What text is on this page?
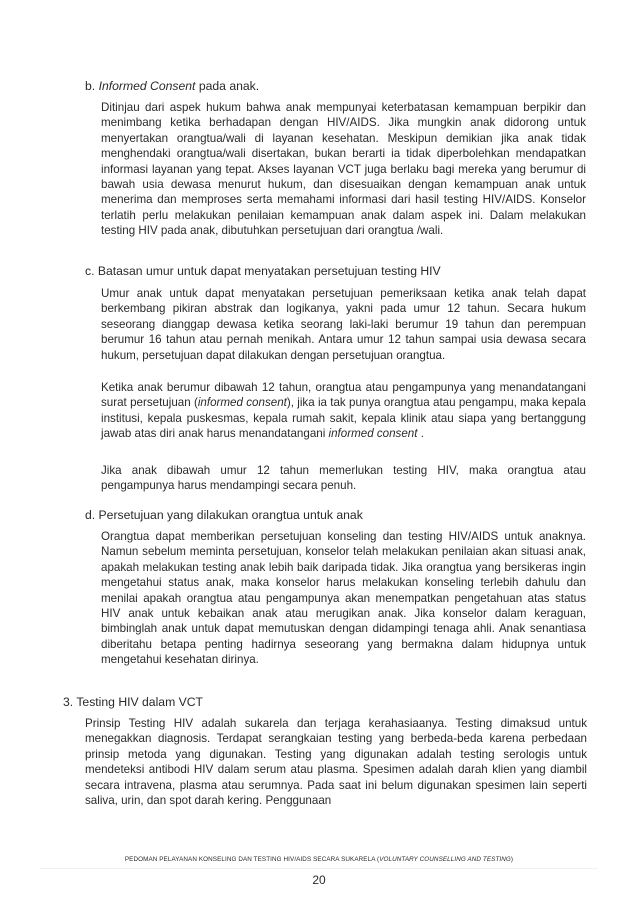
b. Informed Consent pada anak.

Ditinjau dari aspek hukum bahwa anak mempunyai keterbatasan kemampuan berpikir dan menimbang ketika berhadapan dengan HIV/AIDS. Jika mungkin anak didorong untuk menyertakan orangtua/wali di layanan kesehatan. Meskipun demikian jika anak tidak menghendaki orangtua/wali disertakan, bukan berarti ia tidak diperbolehkan mendapatkan informasi layanan yang tepat. Akses layanan VCT juga berlaku bagi mereka yang berumur di bawah usia dewasa menurut hukum, dan disesuaikan dengan kemampuan anak untuk menerima dan memproses serta memahami informasi dari hasil testing HIV/AIDS. Konselor terlatih perlu melakukan penilaian kemampuan anak dalam aspek ini. Dalam melakukan testing HIV pada anak, dibutuhkan persetujuan dari orangtua /wali.

c. Batasan umur untuk dapat menyatakan persetujuan testing HIV

Umur anak untuk dapat menyatakan persetujuan pemeriksaan ketika anak telah dapat berkembang pikiran abstrak dan logikanya, yakni pada umur 12 tahun. Secara hukum seseorang dianggap dewasa ketika seorang laki-laki berumur 19 tahun dan perempuan berumur 16 tahun atau pernah menikah. Antara umur 12 tahun sampai usia dewasa secara hukum, persetujuan dapat dilakukan dengan persetujuan orangtua.

Ketika anak berumur dibawah 12 tahun, orangtua atau pengampunya yang menandatangani surat persetujuan (informed consent), jika ia tak punya orangtua atau pengampu, maka kepala institusi, kepala puskesmas, kepala rumah sakit, kepala klinik atau siapa yang bertanggung jawab atas diri anak harus menandatangani informed consent .

Jika anak dibawah umur 12 tahun memerlukan testing HIV, maka orangtua atau pengampunya harus mendampingi secara penuh.

d. Persetujuan yang dilakukan orangtua untuk anak

Orangtua dapat memberikan persetujuan konseling dan testing HIV/AIDS untuk anaknya. Namun sebelum meminta persetujuan, konselor telah melakukan penilaian akan situasi anak, apakah melakukan testing anak lebih baik daripada tidak. Jika orangtua yang bersikeras ingin mengetahui status anak, maka konselor harus melakukan konseling terlebih dahulu dan menilai apakah orangtua atau pengampunya akan menempatkan pengetahuan atas status HIV anak untuk kebaikan anak atau merugikan anak. Jika konselor dalam keraguan, bimbinglah anak untuk dapat memutuskan dengan didampingi tenaga ahli. Anak senantiasa diberitahu betapa penting hadirnya seseorang yang bermakna dalam hidupnya untuk mengetahui kesehatan dirinya.

3. Testing HIV dalam VCT

Prinsip Testing HIV adalah sukarela dan terjaga kerahasiaanya. Testing dimaksud untuk menegakkan diagnosis. Terdapat serangkaian testing yang berbeda-beda karena perbedaan prinsip metoda yang digunakan. Testing yang digunakan adalah testing serologis untuk mendeteksi antibodi HIV dalam serum atau plasma. Spesimen adalah darah klien yang diambil secara intravena, plasma atau serumnya. Pada saat ini belum digunakan spesimen lain seperti saliva, urin, dan spot darah kering. Penggunaan

PEDOMAN PELAYANAN KONSELING DAN TESTING HIV/AIDS SECARA SUKARELA (VOLUNTARY COUNSELLING AND TESTING)
20
